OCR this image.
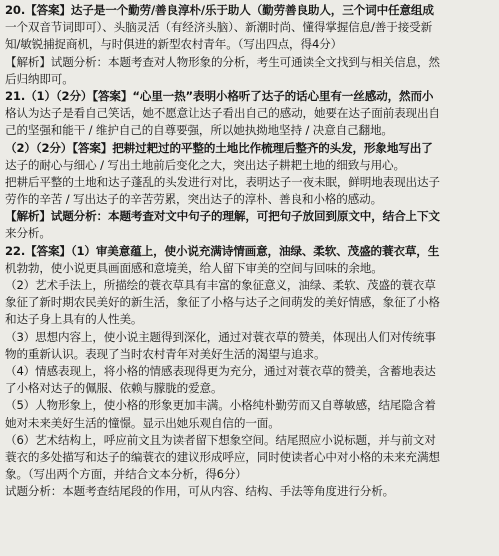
20.【答案】达子是一个勤劳/善良淳朴/乐于助人（勤劳善良助人，三个词中任意组成
一个双音节词即可）、头脑灵活（有经济头脑）、新潮时尚、懂得掌握信息/善于接受新
知/敏锐捕捉商机，与时俱进的新型农村青年。（写出四点，得4分）
【解析】试题分析：本题考查对人物形象的分析，考生可通读全文找到与相关信息，然
后归纳即可。
21.（1）（2分）【答案】“心里一热”表明小格听了达子的话心里有一丝感动，然而小
格认为达子是看自己笑话，她不愿意让达子看出自己的感动，她要在达子面前表现出自
己的坚强和能干 / 维护自己的自尊要强，所以她执拗地坚持 / 决意自己翻地。
（2）（2分）【答案】把耕过耙过的平整的土地比作梳理后整齐的头发，形象地写出了
达子的耐心与细心 / 写出土地前后变化之大，突出达子耕耙土地的细致与用心。
把耕后平整的土地和达子蓬乱的头发进行对比，表明达子一夜未眠，鲜明地表现出达子
劳作的辛苦 / 写出达子的辛苦劳累，突出达子的淳朴、善良和小格的感动。
【解析】试题分析：本题考查对文中句子的理解，可把句子放回到原文中，结合上下文
来分析。
22.【答案】（1）审美意蕴上，使小说充满诗情画意，油绿、柔软、茂盛的蓑衣草，生
机勃勃，使小说更具画面感和意境美，给人留下审美的空间与回味的余地。
（2）艺术手法上，所描绘的蓑衣草具有丰富的象征意义，油绿、柔软、茂盛的蓑衣草
象征了新时期农民美好的新生活，象征了小格与达子之间萌发的美好情感，象征了小格
和达子身上具有的人性美。
（3）思想内容上，使小说主题得到深化，通过对蓑衣草的赞美，体现出人们对传统事
物的重新认识。表现了当时农村青年对美好生活的渴望与追求。
（4）情感表现上，将小格的情感表现得更为充分，通过对蓑衣草的赞美，含蓄地表达
了小格对达子的佩服、依赖与朦胧的爱意。
（5）人物形象上，使小格的形象更加丰满。小格纯朴勤劳而又自尊敏感，结尾隐含着
她对未来美好生活的憧憬。显示出她乐观自信的一面。
（6）艺术结构上，呼应前文且为读者留下想象空间。结尾照应小说标题，并与前文对
蓑衣的多处描写和达子的编蓑衣的建议形成呼应，同时使读者心中对小格的未来充满想
象。（写出两个方面，并结合文本分析，得6分）
试题分析：本题考查结尾段的作用，可从内容、结构、手法等角度进行分析。
